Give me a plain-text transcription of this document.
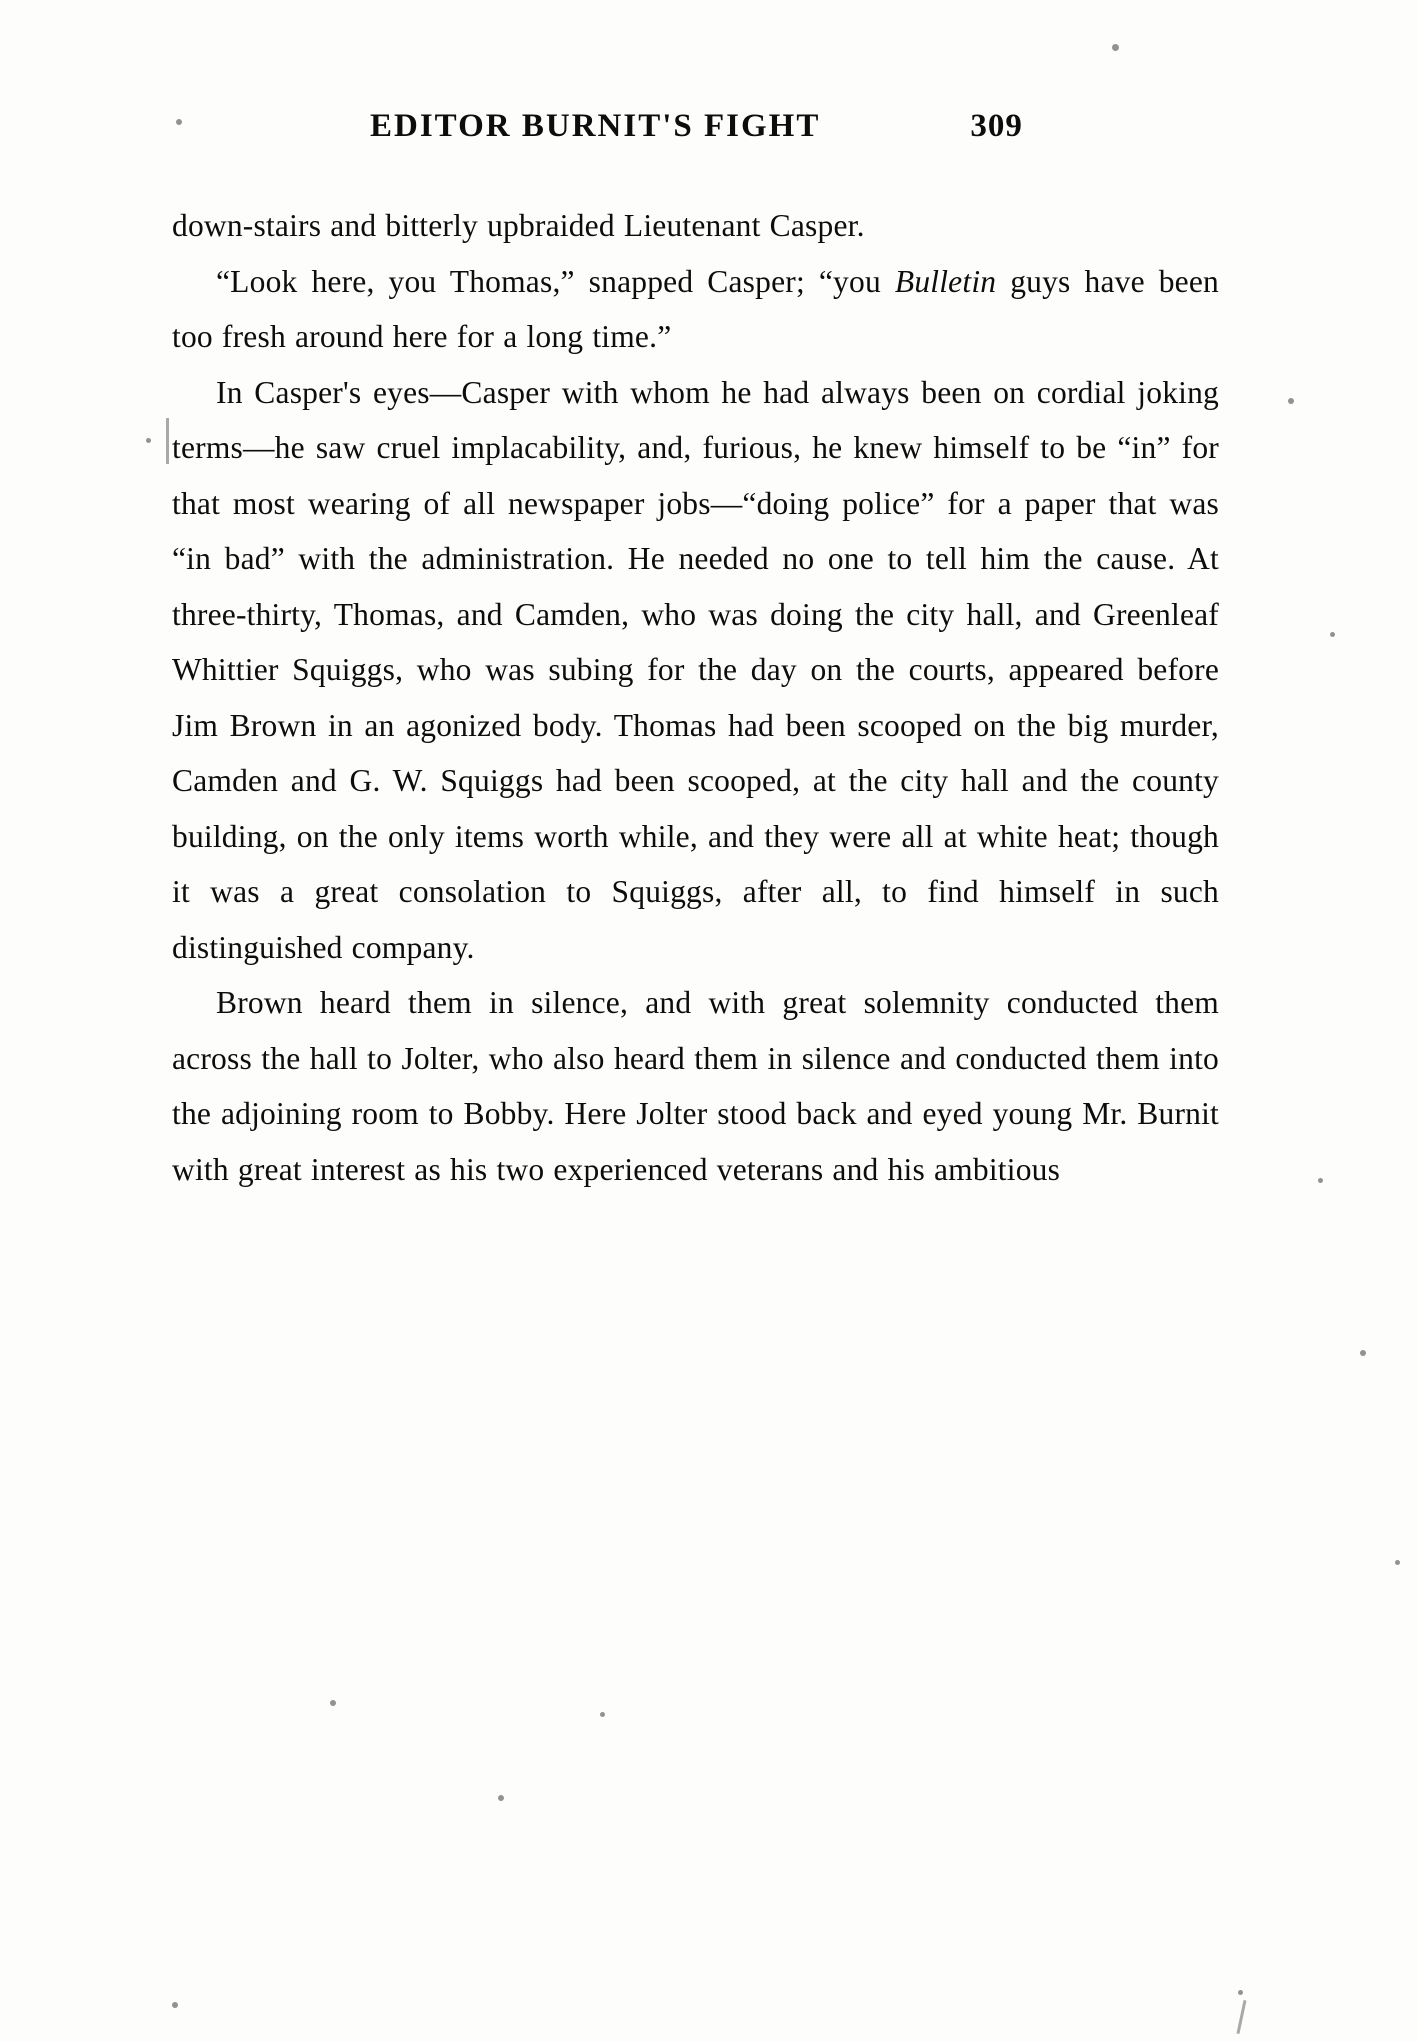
EDITOR BURNIT'S FIGHT	309

down-stairs and bitterly upbraided Lieutenant Casper.

“Look here, you Thomas,” snapped Casper; “you Bulletin guys have been too fresh around here for a long time.”

In Casper's eyes—Casper with whom he had always been on cordial joking terms—he saw cruel implacability, and, furious, he knew himself to be “in” for that most wearing of all newspaper jobs—“doing police” for a paper that was “in bad” with the administration. He needed no one to tell him the cause. At three-thirty, Thomas, and Camden, who was doing the city hall, and Greenleaf Whittier Squiggs, who was subing for the day on the courts, appeared before Jim Brown in an agonized body. Thomas had been scooped on the big murder, Camden and G. W. Squiggs had been scooped, at the city hall and the county building, on the only items worth while, and they were all at white heat; though it was a great consolation to Squiggs, after all, to find himself in such distinguished company.

Brown heard them in silence, and with great solemnity conducted them across the hall to Jolter, who also heard them in silence and conducted them into the adjoining room to Bobby. Here Jolter stood back and eyed young Mr. Burnit with great interest as his two experienced veterans and his ambitious
